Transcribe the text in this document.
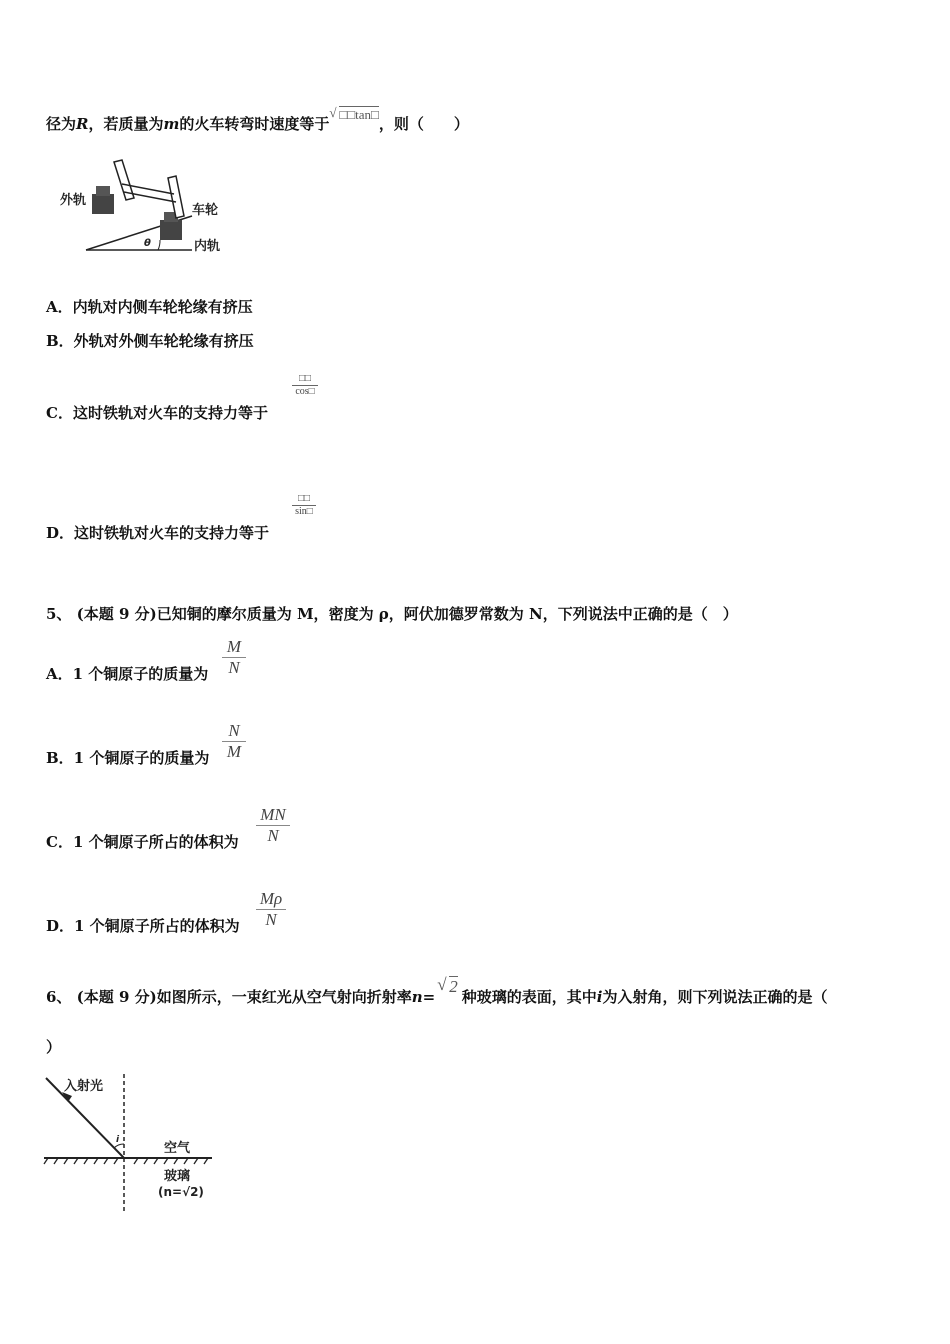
径为R，若质量为m的火车转弯时速度等于
√ □□tan□，则（　　）
外轨
车轮
内轨
θ
A．内轨对内侧车轮轮缘有挤压
B．外轨对外侧车轮轮缘有挤压
C．这时铁轨对火车的支持力等于
□□
cos□
D．这时铁轨对火车的支持力等于
□□
sin□
5、 (本题 9 分)已知铜的摩尔质量为 M，密度为 ρ，阿伏加德罗常数为 N，下列说法中正确的是（　）
A．1 个铜原子的质量为
M
N
B．1 个铜原子的质量为
N
M
C．1 个铜原子所占的体积为
MN
N
D．1 个铜原子所占的体积为
Mρ
N
6、 (本题 9 分)如图所示，一束红光从空气射向折射率n=
√ 2种玻璃的表面，其中i为入射角，则下列说法正确的是（
）
i
入射光
空气
玻璃
(n=√2)
